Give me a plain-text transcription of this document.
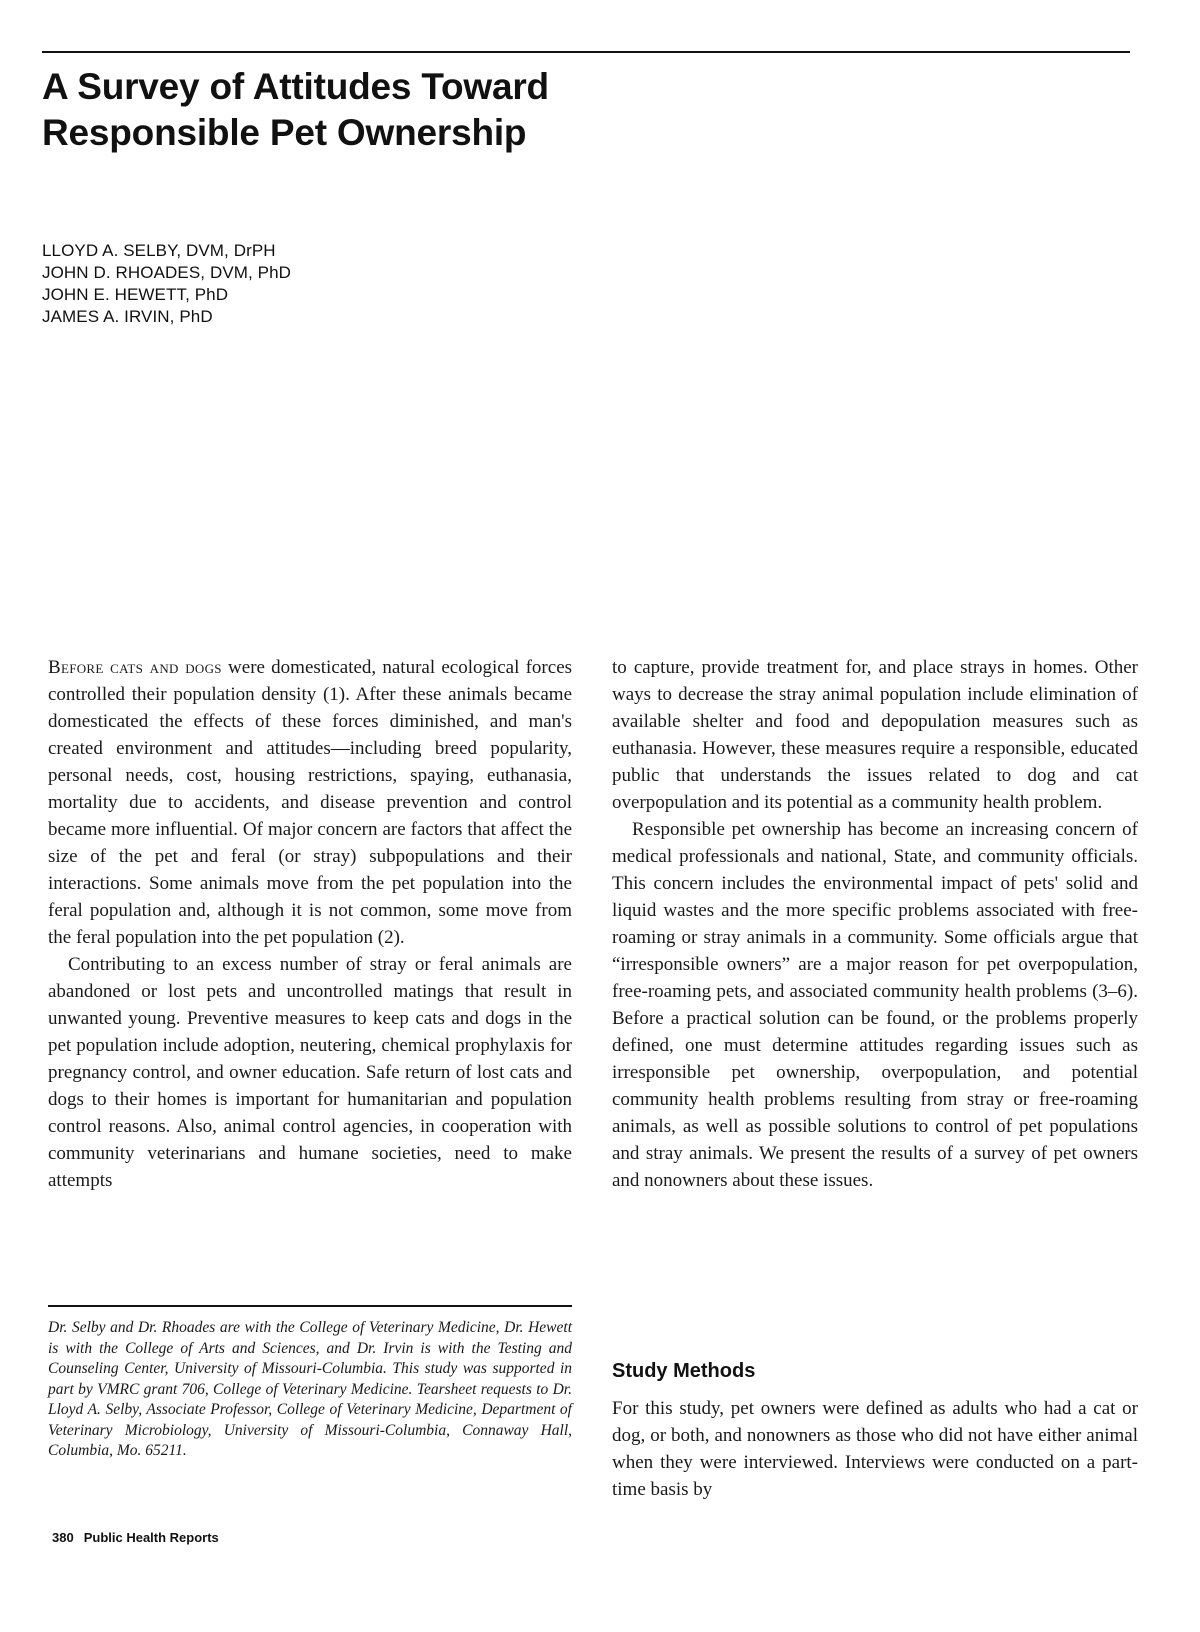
A Survey of Attitudes Toward Responsible Pet Ownership
LLOYD A. SELBY, DVM, DrPH
JOHN D. RHOADES, DVM, PhD
JOHN E. HEWETT, PhD
JAMES A. IRVIN, PhD

Before cats and dogs were domesticated, natural ecological forces controlled their population density (1). After these animals became domesticated the effects of these forces diminished, and man's created environment and attitudes—including breed popularity, personal needs, cost, housing restrictions, spaying, euthanasia, mortality due to accidents, and disease prevention and control became more influential. Of major concern are factors that affect the size of the pet and feral (or stray) subpopulations and their interactions. Some animals move from the pet population into the feral population and, although it is not common, some move from the feral population into the pet population (2).

Contributing to an excess number of stray or feral animals are abandoned or lost pets and uncontrolled matings that result in unwanted young. Preventive measures to keep cats and dogs in the pet population include adoption, neutering, chemical prophylaxis for pregnancy control, and owner education. Safe return of lost cats and dogs to their homes is important for humanitarian and population control reasons. Also, animal control agencies, in cooperation with community veterinarians and humane societies, need to make attempts

Dr. Selby and Dr. Rhoades are with the College of Veterinary Medicine, Dr. Hewett is with the College of Arts and Sciences, and Dr. Irvin is with the Testing and Counseling Center, University of Missouri-Columbia. This study was supported in part by VMRC grant 706, College of Veterinary Medicine. Tearsheet requests to Dr. Lloyd A. Selby, Associate Professor, College of Veterinary Medicine, Department of Veterinary Microbiology, University of Missouri-Columbia, Connaway Hall, Columbia, Mo. 65211.

to capture, provide treatment for, and place strays in homes. Other ways to decrease the stray animal population include elimination of available shelter and food and depopulation measures such as euthanasia. However, these measures require a responsible, educated public that understands the issues related to dog and cat overpopulation and its potential as a community health problem.

Responsible pet ownership has become an increasing concern of medical professionals and national, State, and community officials. This concern includes the environmental impact of pets' solid and liquid wastes and the more specific problems associated with free-roaming or stray animals in a community. Some officials argue that “irresponsible owners” are a major reason for pet overpopulation, free-roaming pets, and associated community health problems (3–6). Before a practical solution can be found, or the problems properly defined, one must determine attitudes regarding issues such as irresponsible pet ownership, overpopulation, and potential community health problems resulting from stray or free-roaming animals, as well as possible solutions to control of pet populations and stray animals. We present the results of a survey of pet owners and nonowners about these issues.

Study Methods

For this study, pet owners were defined as adults who had a cat or dog, or both, and nonowners as those who did not have either animal when they were interviewed. Interviews were conducted on a part-time basis by

380 Public Health Reports
